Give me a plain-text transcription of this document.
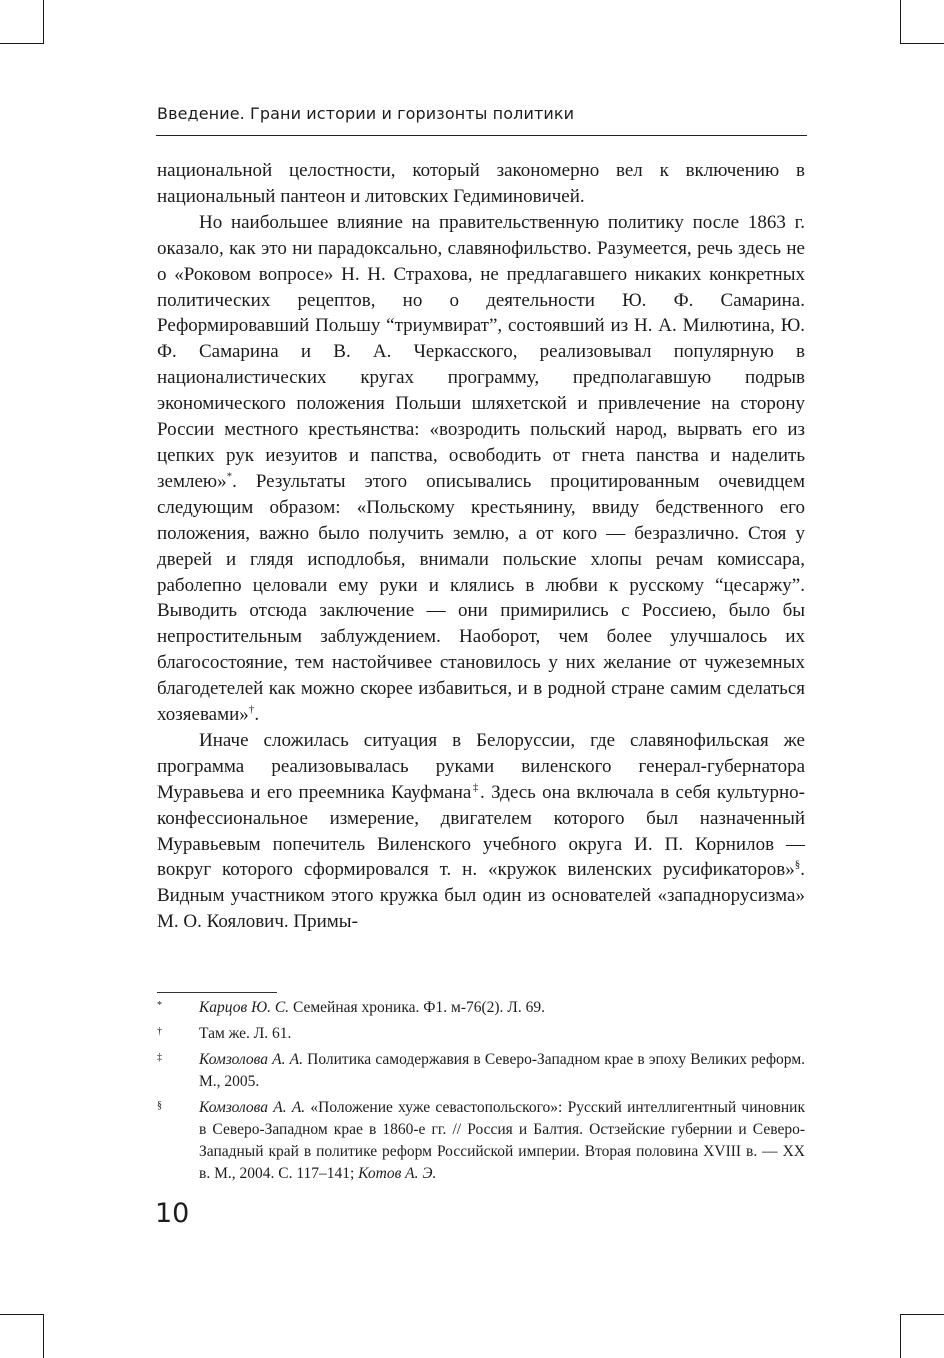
Введение. Грани истории и горизонты политики

национальной целостности, который закономерно вел к включению в национальный пантеон и литовских Гедиминовичей.

Но наибольшее влияние на правительственную политику после 1863 г. оказало, как это ни парадоксально, славянофильство. Разумеется, речь здесь не о «Роковом вопросе» Н. Н. Страхова, не предлагавшего никаких конкретных политических рецептов, но о деятельности Ю. Ф. Самарина. Реформировавший Польшу “триумвират”, состоявший из Н. А. Милютина, Ю. Ф. Самарина и В. А. Черкасского, реализовывал популярную в националистических кругах программу, предполагавшую подрыв экономического положения Польши шляхетской и привлечение на сторону России местного крестьянства: «возродить польский народ, вырвать его из цепких рук иезуитов и папства, освободить от гнета панства и наделить землею»*. Результаты этого описывались процитированным очевидцем следующим образом: «Польскому крестьянину, ввиду бедственного его положения, важно было получить землю, а от кого — безразлично. Стоя у дверей и глядя исподлобья, внимали польские хлопы речам комиссара, раболепно целовали ему руки и клялись в любви к русскому “цесаржу”. Выводить отсюда заключение — они примирились с Россиею, было бы непростительным заблуждением. Наоборот, чем более улучшалось их благосостояние, тем настойчивее становилось у них желание от чужеземных благодетелей как можно скорее избавиться, и в родной стране самим сделаться хозяевами»†.

Иначе сложилась ситуация в Белоруссии, где славянофильская же программа реализовывалась руками виленского генерал-губернатора Муравьева и его преемника Кауфмана‡. Здесь она включала в себя культурно-конфессиональное измерение, двигателем которого был назначенный Муравьевым попечитель Виленского учебного округа И. П. Корнилов — вокруг которого сформировался т. н. «кружок виленских русификаторов»§. Видным участником этого кружка был один из основателей «западнорусизма» М. О. Коялович. Примы-

* Карцов Ю. С. Семейная хроника. Ф1. м-76(2). Л. 69.
† Там же. Л. 61.
‡ Комзолова А. А. Политика самодержавия в Северо-Западном крае в эпоху Великих реформ. М., 2005.
§ Комзолова А. А. «Положение хуже севастопольского»: Русский интеллигентный чиновник в Северо-Западном крае в 1860-е гг. // Россия и Балтия. Остзейские губернии и Северо-Западный край в политике реформ Российской империи. Вторая половина XVIII в. — XX в. М., 2004. С. 117–141; Котов А. Э.
10
